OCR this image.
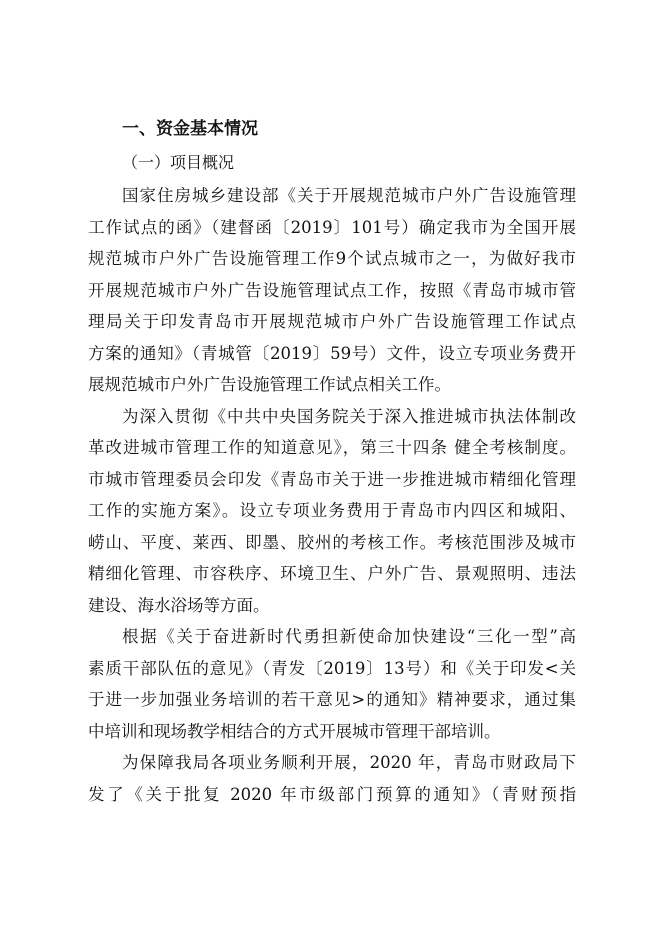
一、资金基本情况
（一）项目概况
国家住房城乡建设部《关于开展规范城市户外广告设施管理
工作试点的函》（建督函〔2019〕101号）确定我市为全国开展
规范城市户外广告设施管理工作9个试点城市之一，为做好我市
开展规范城市户外广告设施管理试点工作，按照《青岛市城市管
理局关于印发青岛市开展规范城市户外广告设施管理工作试点
方案的通知》（青城管〔2019〕59号）文件，设立专项业务费开
展规范城市户外广告设施管理工作试点相关工作。
为深入贯彻《中共中央国务院关于深入推进城市执法体制改
革改进城市管理工作的知道意见》，第三十四条 健全考核制度。
市城市管理委员会印发《青岛市关于进一步推进城市精细化管理
工作的实施方案》。设立专项业务费用于青岛市内四区和城阳、
崂山、平度、莱西、即墨、胶州的考核工作。考核范围涉及城市
精细化管理、市容秩序、环境卫生、户外广告、景观照明、违法
建设、海水浴场等方面。
根据《关于奋进新时代勇担新使命加快建设“三化一型”高
素质干部队伍的意见》（青发〔2019〕13号）和《关于印发<关
于进一步加强业务培训的若干意见>的通知》精神要求，通过集
中培训和现场教学相结合的方式开展城市管理干部培训。
为保障我局各项业务顺利开展，2020 年，青岛市财政局下
发了《关于批复 2020 年市级部门预算的通知》（青财预指
